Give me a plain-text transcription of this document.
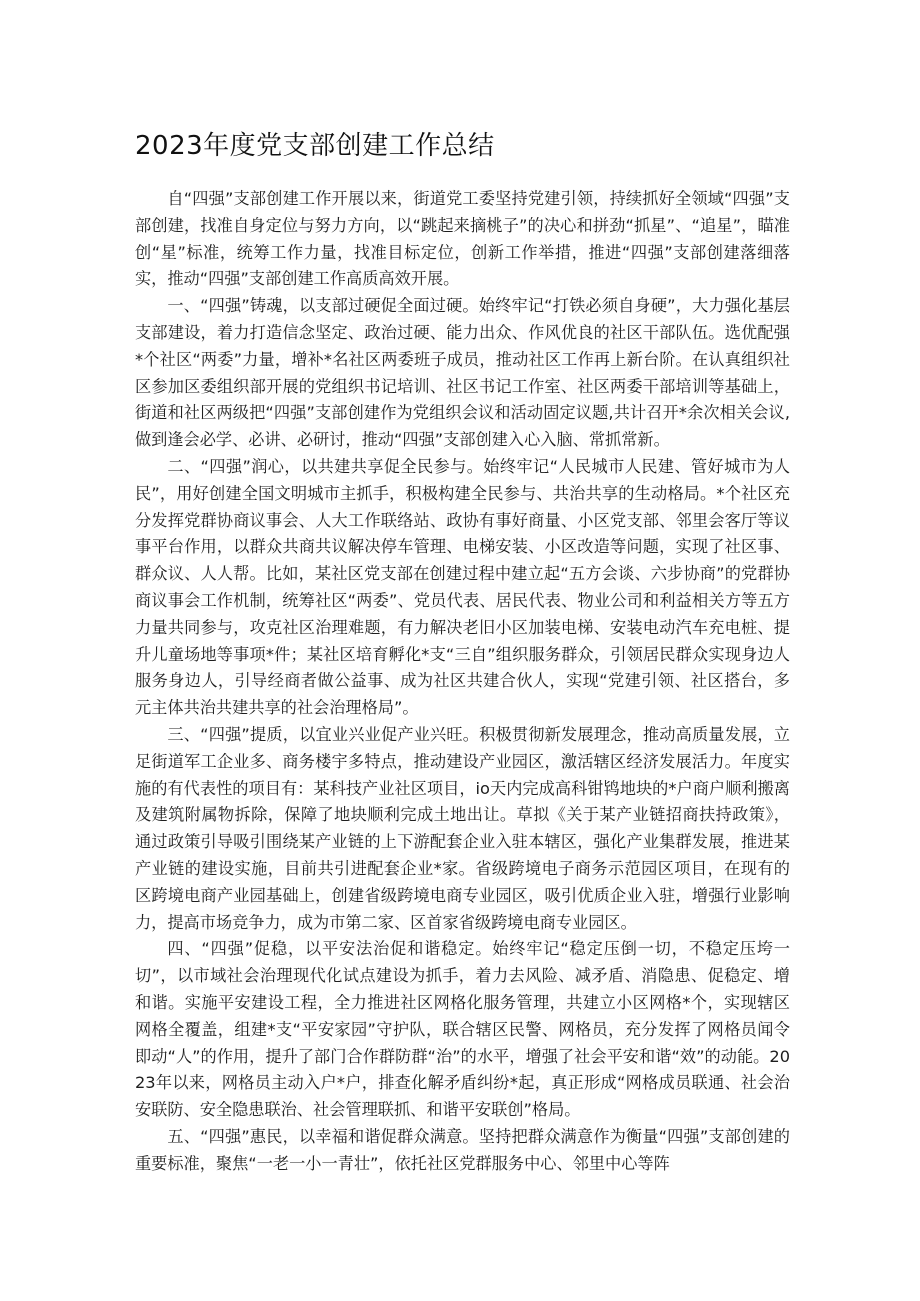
2023年度党支部创建工作总结

自“四强”支部创建工作开展以来，街道党工委坚持党建引领，持续抓好全领域“四强”支部创建，找准自身定位与努力方向，以“跳起来摘桃子”的决心和拼劲“抓星”、“追星”，瞄准创“星”标准，统筹工作力量，找准目标定位，创新工作举措，推进“四强”支部创建落细落实，推动“四强”支部创建工作高质高效开展。

一、“四强”铸魂，以支部过硬促全面过硬。始终牢记“打铁必须自身硬”，大力强化基层支部建设，着力打造信念坚定、政治过硬、能力出众、作风优良的社区干部队伍。选优配强*个社区“两委”力量，增补*名社区两委班子成员，推动社区工作再上新台阶。在认真组织社区参加区委组织部开展的党组织书记培训、社区书记工作室、社区两委干部培训等基础上，街道和社区两级把“四强”支部创建作为党组织会议和活动固定议题,共计召开*余次相关会议,做到逢会必学、必讲、必研讨，推动“四强”支部创建入心入脑、常抓常新。

二、“四强”润心，以共建共享促全民参与。始终牢记“人民城市人民建、管好城市为人民”，用好创建全国文明城市主抓手，积极构建全民参与、共治共享的生动格局。*个社区充分发挥党群协商议事会、人大工作联络站、政协有事好商量、小区党支部、邻里会客厅等议事平台作用，以群众共商共议解决停车管理、电梯安装、小区改造等问题，实现了社区事、群众议、人人帮。比如，某社区党支部在创建过程中建立起“五方会谈、六步协商”的党群协商议事会工作机制，统筹社区“两委”、党员代表、居民代表、物业公司和利益相关方等五方力量共同参与，攻克社区治理难题，有力解决老旧小区加装电梯、安装电动汽车充电桩、提升儿童场地等事项*件；某社区培育孵化*支“三自”组织服务群众，引领居民群众实现身边人服务身边人，引导经商者做公益事、成为社区共建合伙人，实现“党建引领、社区搭台，多元主体共治共建共享的社会治理格局”。

三、“四强”提质，以宜业兴业促产业兴旺。积极贯彻新发展理念，推动高质量发展，立足街道军工企业多、商务楼宇多特点，推动建设产业园区，激活辖区经济发展活力。年度实施的有代表性的项目有：某科技产业社区项目，io天内完成高科钳鸨地块的*户商户顺利搬离及建筑附属物拆除，保障了地块顺利完成土地出让。草拟《关于某产业链招商扶持政策》，通过政策引导吸引围绕某产业链的上下游配套企业入驻本辖区，强化产业集群发展，推进某产业链的建设实施，目前共引进配套企业*家。省级跨境电子商务示范园区项目，在现有的区跨境电商产业园基础上，创建省级跨境电商专业园区，吸引优质企业入驻，增强行业影响力，提高市场竞争力，成为市第二家、区首家省级跨境电商专业园区。

四、“四强”促稳，以平安法治促和谐稳定。始终牢记“稳定压倒一切，不稳定压垮一切”，以市域社会治理现代化试点建设为抓手，着力去风险、减矛盾、消隐患、促稳定、增和谐。实施平安建设工程，全力推进社区网格化服务管理，共建立小区网格*个，实现辖区网格全覆盖，组建*支“平安家园”守护队，联合辖区民警、网格员，充分发挥了网格员闻令即动“人”的作用，提升了部门合作群防群“治”的水平，增强了社会平安和谐“效”的动能。2023年以来，网格员主动入户*户，排查化解矛盾纠纷*起，真正形成“网格成员联通、社会治安联防、安全隐患联治、社会管理联抓、和谐平安联创”格局。

五、“四强”惠民，以幸福和谐促群众满意。坚持把群众满意作为衡量“四强”支部创建的重要标准，聚焦“一老一小一青壮”，依托社区党群服务中心、邻里中心等阵
